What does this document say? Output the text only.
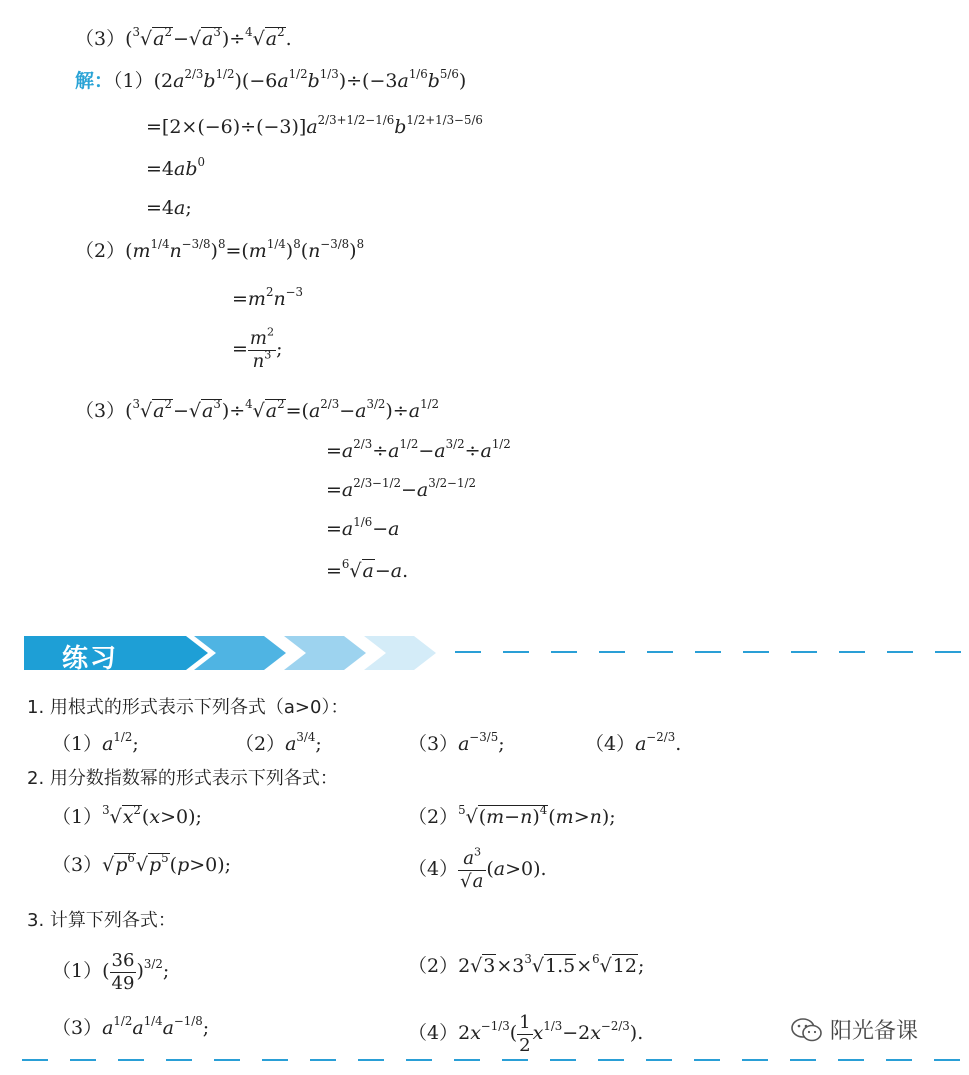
$(3)(^3√a^2-√a^3)\div^4√a^2$.
解：$(1)(2a^{2/3}b^{1/2})(-6a^{1/2}b^{1/3})\div(-3a^{1/6}b^{5/6})$
$=[2\times(-6)\div(-3)]a^{2/3+1/2-1/6}b^{1/2+1/3-5/6}$
$=4ab^0$
=4a;
$(2)(m^{1/4}n^{-3/8})^8=(m^{1/4})^8(n^{-3/8})^8$
$=m^2n^{-3}$
= $\frac{m^2}{n^3}$ ;
$(3)(^3√a^2-√a^3)\div^4√a^2=(a^{2/3}-a^{3/2})\div a^{1/2}$
$=a^{2/3}\div a^{1/2}-a^{3/2}\div a^{1/2}$
$=a^{2/3-1/2}-a^{3/2-1/2}$
$=a^{1/6}-a$
=$^6$√a−a.
练习
1. 用根式的形式表示下列各式（a>0）：
$(1)a^{1/2}$;	$(2)a^{3/4}$;	$(3)a^{-3/5}$;	$(4)a^{-2/3}$.
2. 用分数指数幂的形式表示下列各式：
$(1)^3√x^2(x>0)$;	$(2)^5√(m-n)^4(m>n)$;
$(3)√p^6√p^5(p>0)$;	$(4) \frac{a^3}{√a} (a>0)$.
3. 计算下列各式：
$(1)( \frac{36}{49} )^{3/2}$;	$(2)2√3\times 3^3√1.5\times^6√12$;
$(3)a^{1/2}a^{1/4}a^{-1/8}$;	$(4)2x^{-1/3}( \frac{1}{2} x^{1/3}-2x^{-2/3})$.	阳光备课
